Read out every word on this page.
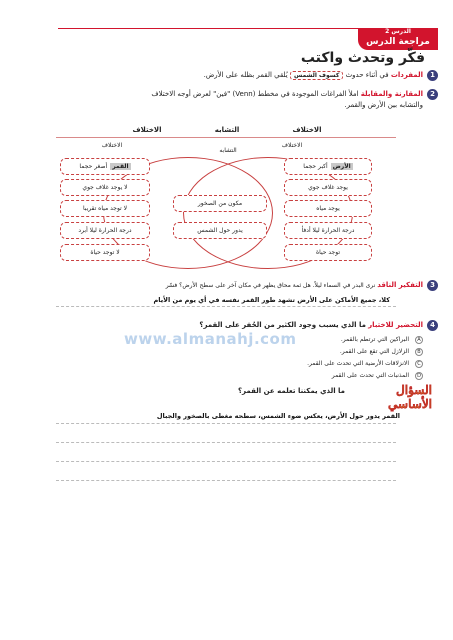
الدرس 2
مراجعة الدرس
فكّر وتحدث واكتب
1
المفردات في أثناء حدوث كسوف الشمس يُلقي القمر بظله على الأرض.
2
المقارنة والمقابلة املأ الفراغات الموجودة في مخطط (Venn) "فين" لعرض أوجه الاختلاف
والتشابه بين الأرض والقمر.
الاختلاف	التشابه	الاختلاف
الاختلاف
التشابه
الاختلاف
القمر
أصغر حجما
لا يوجد غلاف جوي
لا توجد مياه تقريبا
درجة الحرارة ليلا أبرد
لا توجد حياة
مكون من الصخور
يدور حول الشمس
الأرض
أكبر حجما
يوجد غلاف جوي
يوجد مياه
درجة الحرارة ليلا أدفأ
توجد حياة
3
التفكير الناقد نرى البدر في السماء ليلاً. هل ثمة محاق يظهر في مكان آخر على سطح الأرض؟ فسّر
كلا، جميع الأماكن على الأرض تشهد طور القمر نفسه في أي يوم من الأيام
www.almanahj.com
4
التحضير للاختبار ما الذي يسبب وجود الكثير من الحُفر على القمر؟
A
البراكين التي ترتطم بالقمر.
B
الزلازل التي تقع على القمر.
C
الانزلاقات الأرضية التي تحدث على القمر.
D
المذنبات التي تحدث على القمر
السؤال الأساسي
ما الذي يمكننا تعلمه عن القمر؟
القمر يدور حول الأرض، يعكس ضوء الشمس، سطحه مغطى بالصخور والجبال
